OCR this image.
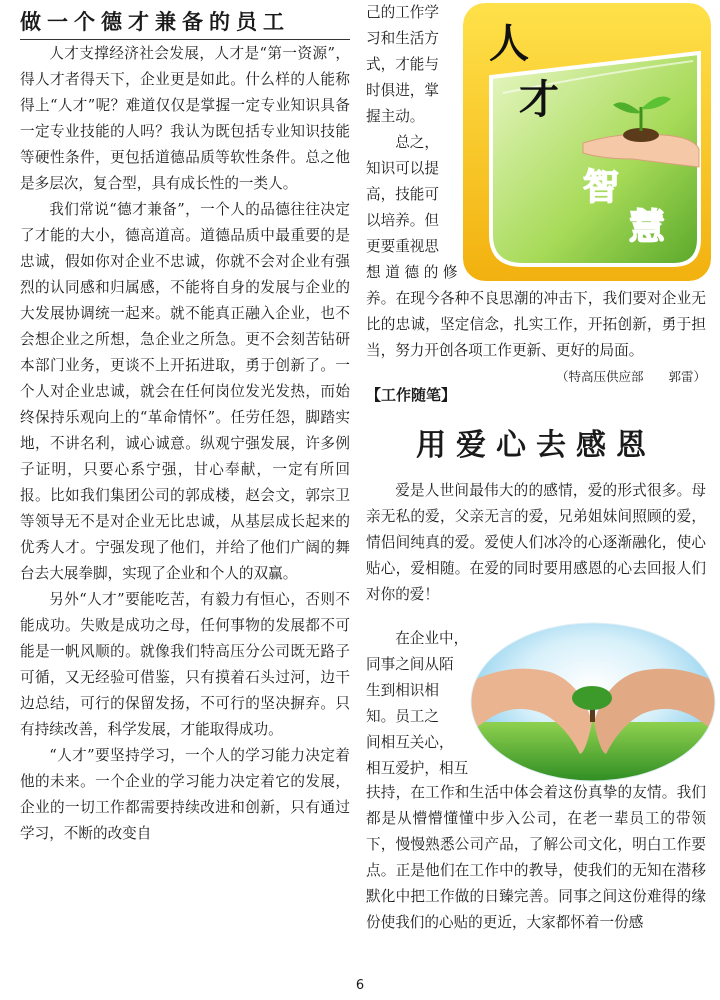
做一个德才兼备的员工

人才支撑经济社会发展，人才是“第一资源”，得人才者得天下，企业更是如此。什么样的人能称得上“人才”呢？难道仅仅是掌握一定专业知识具备一定专业技能的人吗？我认为既包括专业知识技能等硬性条件，更包括道德品质等软性条件。总之他是多层次，复合型，具有成长性的一类人。

我们常说“德才兼备”，一个人的品德往往决定了才能的大小，德高道高。道德品质中最重要的是忠诚，假如你对企业不忠诚，你就不会对企业有强烈的认同感和归属感，不能将自身的发展与企业的大发展协调统一起来。就不能真正融入企业，也不会想企业之所想，急企业之所急。更不会刻苦钻研本部门业务，更谈不上开拓进取，勇于创新了。一个人对企业忠诚，就会在任何岗位发光发热，而始终保持乐观向上的“革命情怀”。任劳任怨，脚踏实地，不讲名利，诚心诚意。纵观宁强发展，许多例子证明，只要心系宁强，甘心奉献，一定有所回报。比如我们集团公司的郭成楼，赵会文，郭宗卫等领导无不是对企业无比忠诚，从基层成长起来的优秀人才。宁强发现了他们，并给了他们广阔的舞台去大展拳脚，实现了企业和个人的双赢。

另外“人才”要能吃苦，有毅力有恒心，否则不能成功。失败是成功之母，任何事物的发展都不可能是一帆风顺的。就像我们特高压分公司既无路子可循，又无经验可借鉴，只有摸着石头过河，边干边总结，可行的保留发扬，不可行的坚决摒弃。只有持续改善，科学发展，才能取得成功。

“人才”要坚持学习，一个人的学习能力决定着他的未来。一个企业的学习能力决定着它的发展，企业的一切工作都需要持续改进和创新，只有通过学习，不断的改变自

己的工作学

习和生活方

式，才能与

时俱进，掌

握主动。

总之，

知识可以提

高，技能可

以培养。但

更要重视思

想 道 德 的 修

人
才
智
慧

养。在现今各种不良思潮的冲击下，我们要对企业无比的忠诚，坚定信念，扎实工作，开拓创新，勇于担当，努力开创各项工作更新、更好的局面。
（特高压供应部　　郭雷）

【工作随笔】
用爱心去感恩

爱是人世间最伟大的的感情，爱的形式很多。母亲无私的爱，父亲无言的爱，兄弟姐妹间照顾的爱，情侣间纯真的爱。爱使人们冰冷的心逐渐融化，使心贴心，爱相随。在爱的同时要用感恩的心去回报人们对你的爱！

在企业中，

同事之间从陌

生到相识相

知。员工之

间相互关心，

相互爱护，相互

扶持，在工作和生活中体会着这份真挚的友情。我们都是从懵懵懂懂中步入公司，在老一辈员工的带领下，慢慢熟悉公司产品，了解公司文化，明白工作要点。正是他们在工作中的教导，使我们的无知在潜移默化中把工作做的日臻完善。同事之间这份难得的缘份使我们的心贴的更近，大家都怀着一份感

6
